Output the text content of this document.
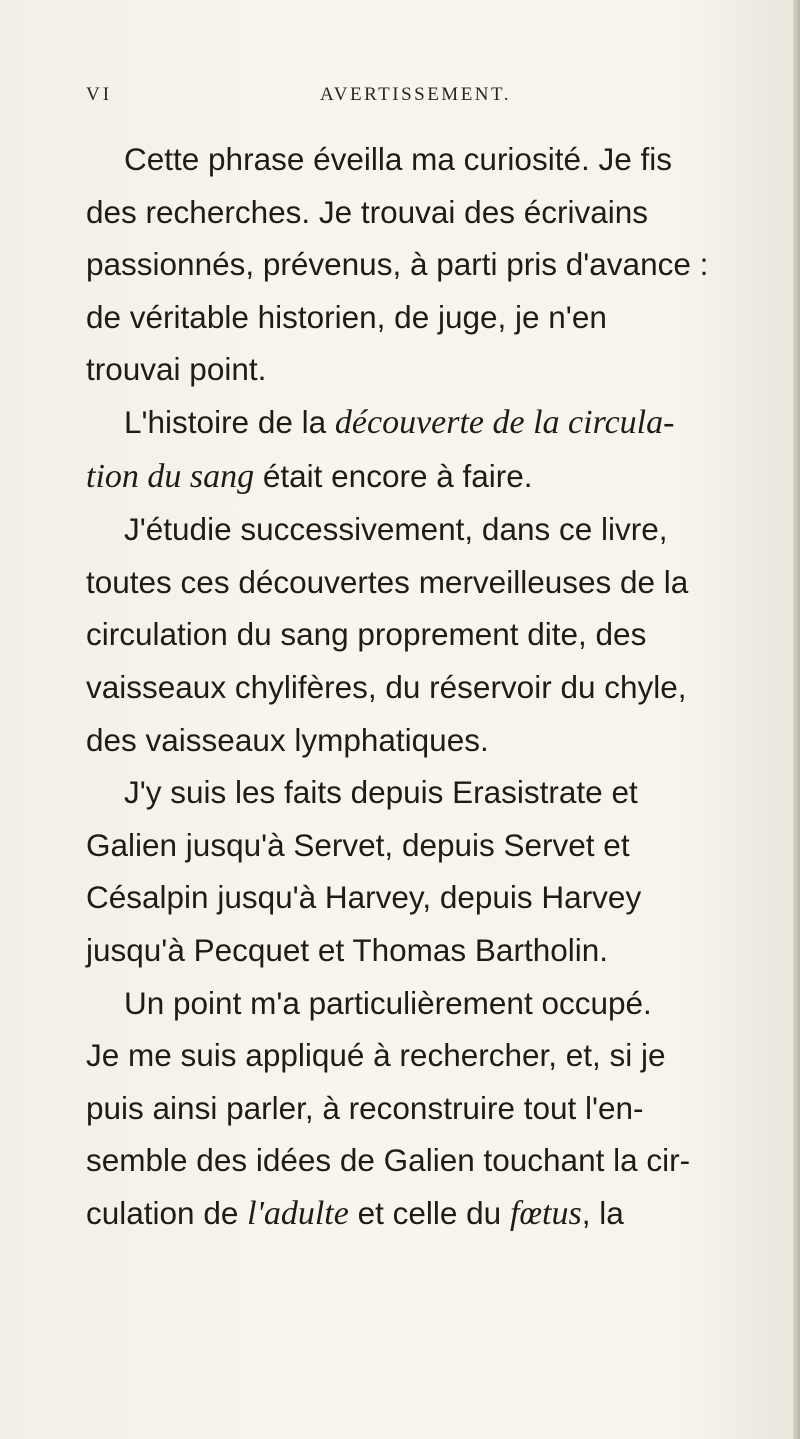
VI	AVERTISSEMENT.
Cette phrase éveilla ma curiosité. Je fis
des recherches. Je trouvai des écrivains
passionnés, prévenus, à parti pris d'avance :
de véritable historien, de juge, je n'en
trouvai point.
L'histoire de la découverte de la circula-
tion du sang était encore à faire.
J'étudie successivement, dans ce livre,
toutes ces découvertes merveilleuses de la
circulation du sang proprement dite, des
vaisseaux chylifères, du réservoir du chyle,
des vaisseaux lymphatiques.
J'y suis les faits depuis Erasistrate et
Galien jusqu'à Servet, depuis Servet et
Césalpin jusqu'à Harvey, depuis Harvey
jusqu'à Pecquet et Thomas Bartholin.
Un point m'a particulièrement occupé.
Je me suis appliqué à rechercher, et, si je
puis ainsi parler, à reconstruire tout l'en-
semble des idées de Galien touchant la cir-
culation de l'adulte et celle du fœtus, la
